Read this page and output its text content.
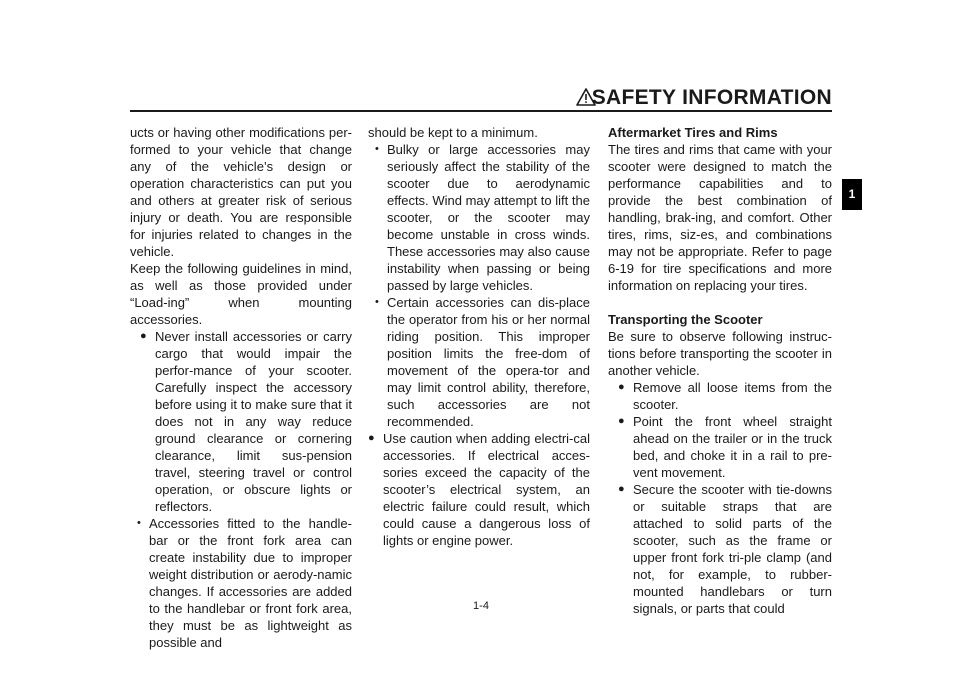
SAFETY INFORMATION
1

ucts or having other modifications per-formed to your vehicle that change any of the vehicle’s design or operation characteristics can put you and others at greater risk of serious injury or death. You are responsible for injuries related to changes in the vehicle.

Keep the following guidelines in mind, as well as those provided under “Load-ing” when mounting accessories.

● Never install accessories or carry cargo that would impair the perfor-mance of your scooter. Carefully inspect the accessory before using it to make sure that it does not in any way reduce ground clearance or cornering clearance, limit sus-pension travel, steering travel or control operation, or obscure lights or reflectors.

• Accessories fitted to the handle-bar or the front fork area can create instability due to improper weight distribution or aerody-namic changes. If accessories are added to the handlebar or front fork area, they must be as lightweight as possible and

should be kept to a minimum.

• Bulky or large accessories may seriously affect the stability of the scooter due to aerodynamic effects. Wind may attempt to lift the scooter, or the scooter may become unstable in cross winds. These accessories may also cause instability when passing or being passed by large vehicles.

• Certain accessories can dis-place the operator from his or her normal riding position. This improper position limits the free-dom of movement of the opera-tor and may limit control ability, therefore, such accessories are not recommended.

● Use caution when adding electri-cal accessories. If electrical acces-sories exceed the capacity of the scooter’s electrical system, an electric failure could result, which could cause a dangerous loss of lights or engine power.

Aftermarket Tires and Rims

The tires and rims that came with your scooter were designed to match the performance capabilities and to provide the best combination of handling, brak-ing, and comfort. Other tires, rims, siz-es, and combinations may not be appropriate. Refer to page 6-19 for tire specifications and more information on replacing your tires.

Transporting the Scooter

Be sure to observe following instruc-tions before transporting the scooter in another vehicle.

● Remove all loose items from the scooter.

● Point the front wheel straight ahead on the trailer or in the truck bed, and choke it in a rail to pre-vent movement.

● Secure the scooter with tie-downs or suitable straps that are attached to solid parts of the scooter, such as the frame or upper front fork tri-ple clamp (and not, for example, to rubber-mounted handlebars or turn signals, or parts that could

1-4
